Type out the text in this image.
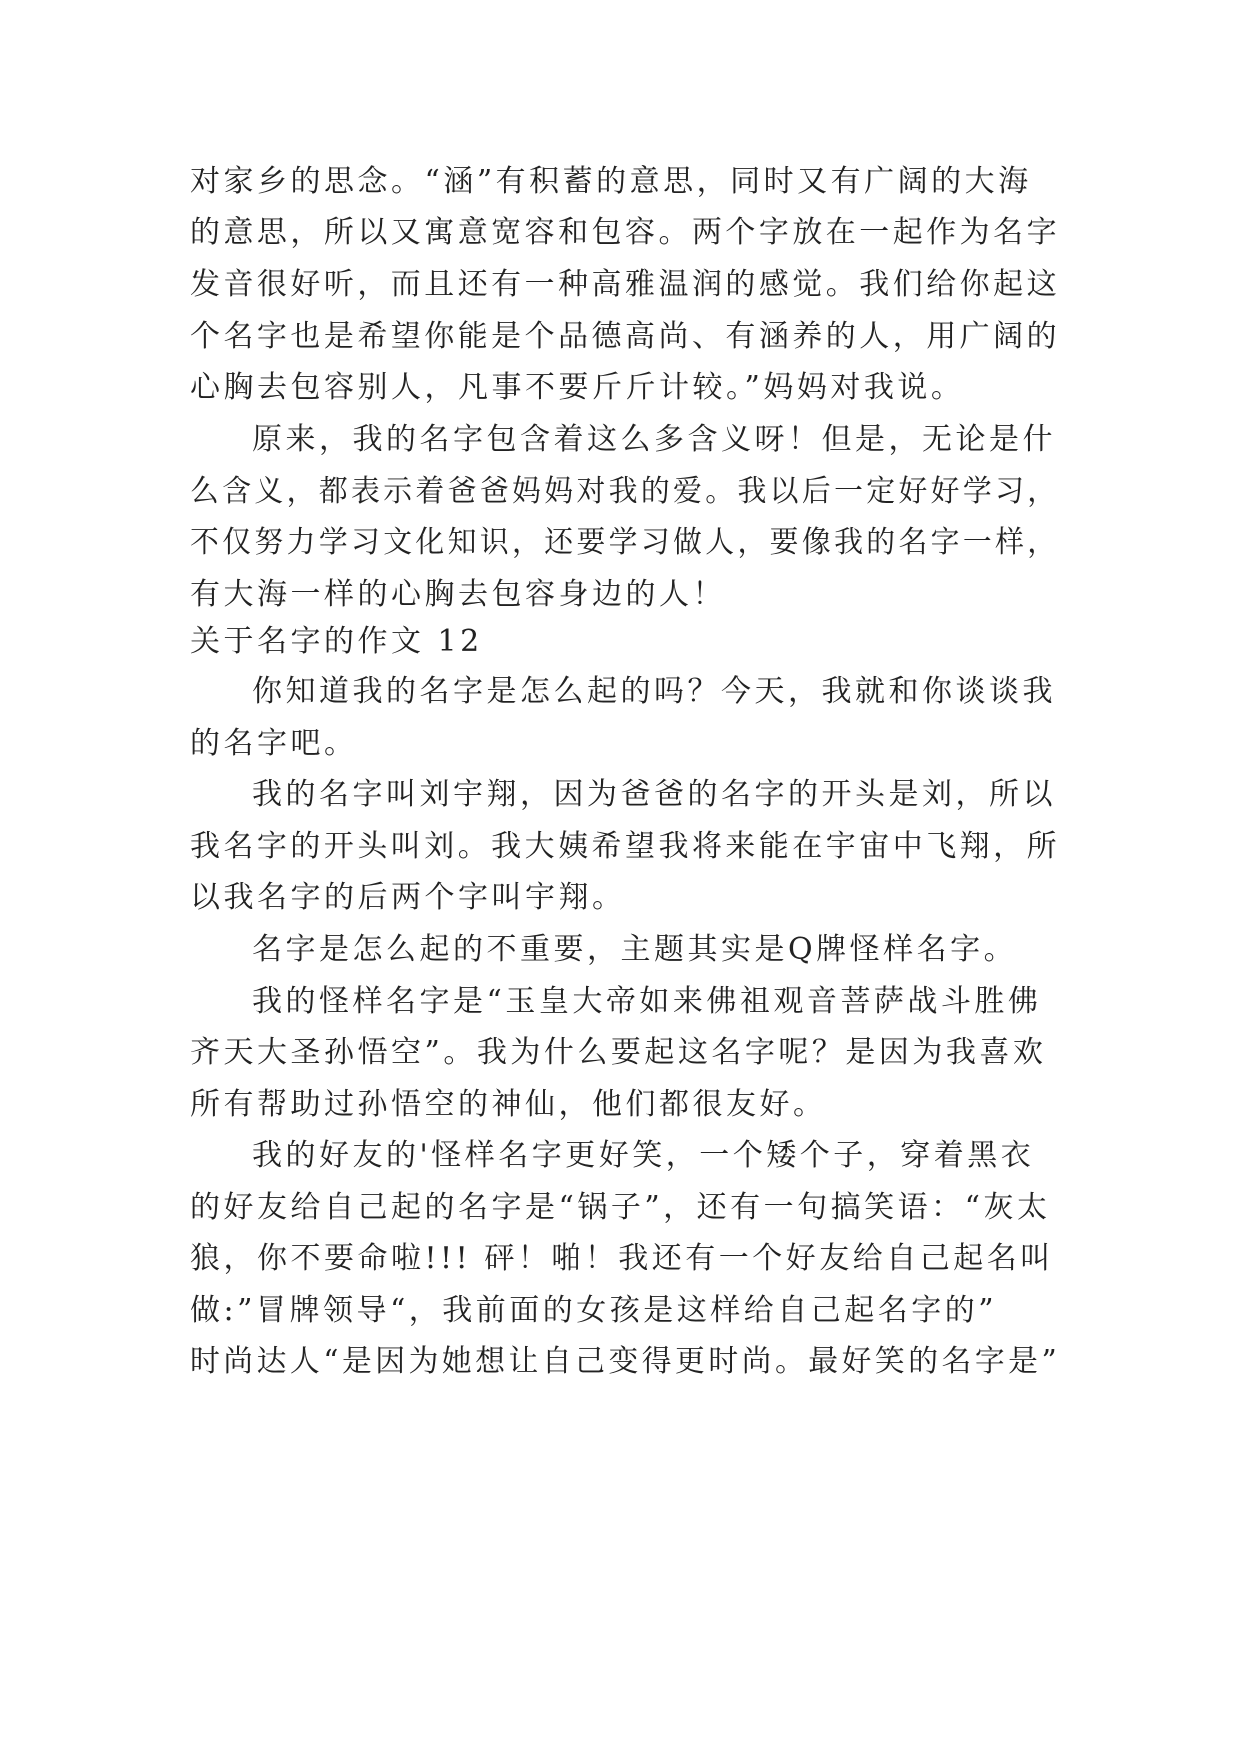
对家乡的思念。“涵”有积蓄的意思，同时又有广阔的大海
的意思，所以又寓意宽容和包容。两个字放在一起作为名字
发音很好听，而且还有一种高雅温润的感觉。我们给你起这
个名字也是希望你能是个品德高尚、有涵养的人，用广阔的
心胸去包容别人，凡事不要斤斤计较。”妈妈对我说。
原来，我的名字包含着这么多含义呀！但是，无论是什
么含义，都表示着爸爸妈妈对我的爱。我以后一定好好学习，
不仅努力学习文化知识，还要学习做人，要像我的名字一样，
有大海一样的心胸去包容身边的人！
关于名字的作文 12
你知道我的名字是怎么起的吗？今天，我就和你谈谈我
的名字吧。
我的名字叫刘宇翔，因为爸爸的名字的开头是刘，所以
我名字的开头叫刘。我大姨希望我将来能在宇宙中飞翔，所
以我名字的后两个字叫宇翔。
名字是怎么起的不重要，主题其实是Q牌怪样名字。
我的怪样名字是“玉皇大帝如来佛祖观音菩萨战斗胜佛
齐天大圣孙悟空”。我为什么要起这名字呢？是因为我喜欢
所有帮助过孙悟空的神仙，他们都很友好。
我的好友的'怪样名字更好笑，一个矮个子，穿着黑衣
的好友给自己起的名字是“锅子”，还有一句搞笑语：“灰太
狼，你不要命啦!!! 砰！啪！我还有一个好友给自己起名叫
做:”冒牌领导“，我前面的女孩是这样给自己起名字的”
时尚达人“是因为她想让自己变得更时尚。最好笑的名字是”
